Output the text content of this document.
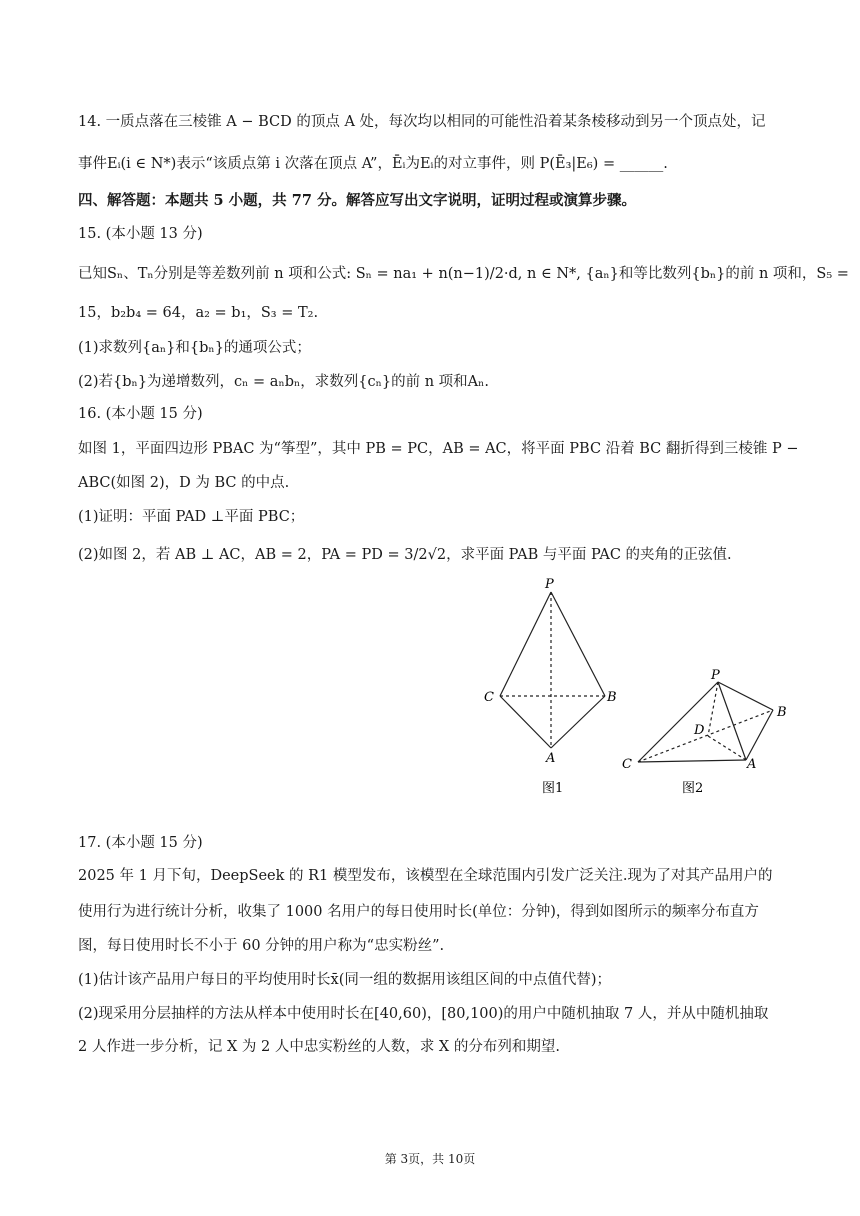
14. 一质点落在三棱锥 A − BCD 的顶点 A 处，每次均以相同的可能性沿着某条棱移动到另一个顶点处，记
事件Eᵢ(i ∈ N*)表示“该质点第 i 次落在顶点 A”，Ēᵢ为Eᵢ的对立事件，则 P(Ē₃|E₆) = ______.
四、解答题：本题共 5 小题，共 77 分。解答应写出文字说明，证明过程或演算步骤。
15. (本小题 13 分)
已知Sₙ、Tₙ分别是等差数列前 n 项和公式: Sₙ = na₁ + n(n−1)/2·d, n ∈ N*, {aₙ}和等比数列{bₙ}的前 n 项和，S₅ =
15，b₂b₄ = 64，a₂ = b₁，S₃ = T₂.
(1)求数列{aₙ}和{bₙ}的通项公式；
(2)若{bₙ}为递增数列，cₙ = aₙbₙ，求数列{cₙ}的前 n 项和Aₙ.
16. (本小题 15 分)
如图 1，平面四边形 PBAC 为“筝型”，其中 PB = PC，AB = AC，将平面 PBC 沿着 BC 翻折得到三棱锥 P −
ABC(如图 2)，D 为 BC 的中点.
(1)证明：平面 PAD ⊥平面 PBC；
(2)如图 2，若 AB ⊥ AC，AB = 2，PA = PD = 3/2√2，求平面 PAB 与平面 PAC 的夹角的正弦值.
P
C	B
A
图1
P
B
D
C	A
图2
17. (本小题 15 分)
2025 年 1 月下旬，DeepSeek 的 R1 模型发布，该模型在全球范围内引发广泛关注.现为了对其产品用户的
使用行为进行统计分析，收集了 1000 名用户的每日使用时长(单位：分钟)，得到如图所示的频率分布直方
图，每日使用时长不小于 60 分钟的用户称为“忠实粉丝”.
(1)估计该产品用户每日的平均使用时长x̄(同一组的数据用该组区间的中点值代替)；
(2)现采用分层抽样的方法从样本中使用时长在[40,60)，[80,100)的用户中随机抽取 7 人，并从中随机抽取
2 人作进一步分析，记 X 为 2 人中忠实粉丝的人数，求 X 的分布列和期望.
第 3页，共 10页
